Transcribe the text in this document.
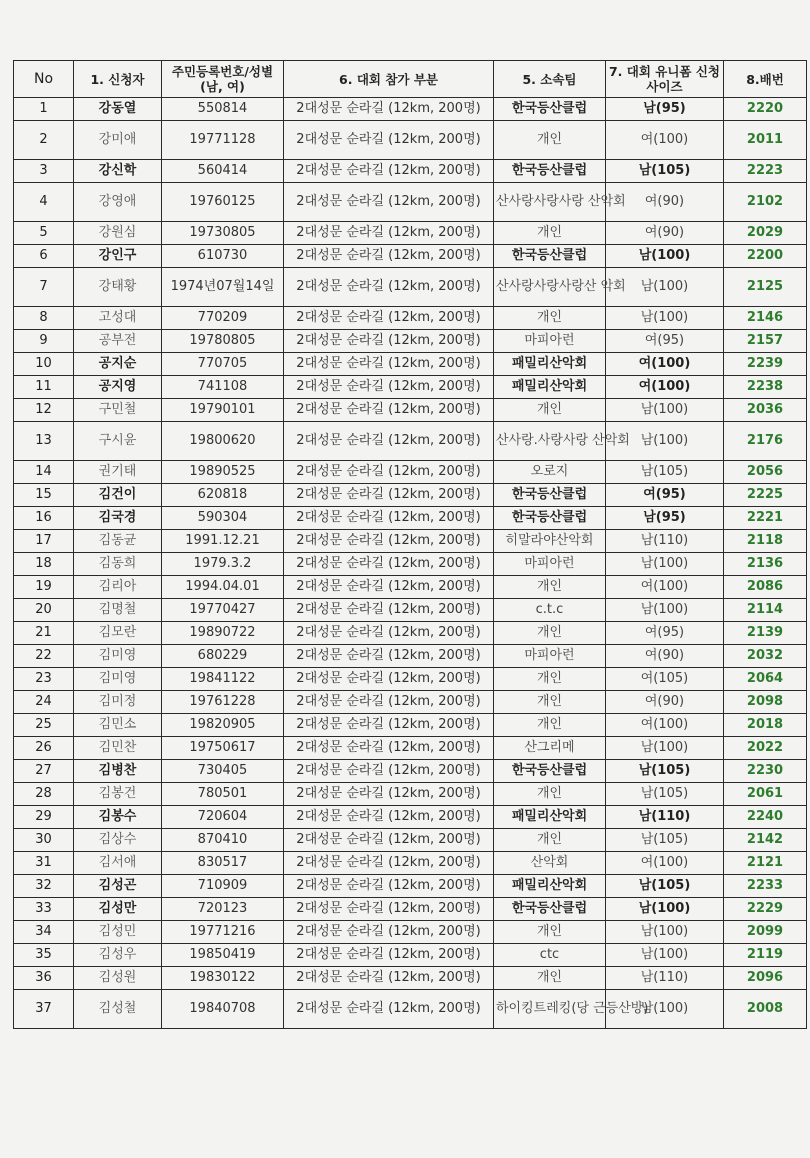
No	1. 신청자	주민등록번호/성별 (남, 여)	6. 대회 참가 부분	5. 소속팀	7. 대회 유니폼 신청 사이즈	8.배번
1	강동열	550814	2대성문 순라길 (12km, 200명)	한국등산클럽	남(95)	2220
2	강미애	19771128	2대성문 순라길 (12km, 200명)	개인	여(100)	2011
3	강신학	560414	2대성문 순라길 (12km, 200명)	한국등산클럽	남(105)	2223
4	강영애	19760125	2대성문 순라길 (12km, 200명)	산사랑사랑사랑 산악회	여(90)	2102
5	강원심	19730805	2대성문 순라길 (12km, 200명)	개인	여(90)	2029
6	강인구	610730	2대성문 순라길 (12km, 200명)	한국등산클럽	남(100)	2200
7	강태황	1974년07월14일	2대성문 순라길 (12km, 200명)	산사랑사랑사랑산 악회	남(100)	2125
8	고성대	770209	2대성문 순라길 (12km, 200명)	개인	남(100)	2146
9	공부전	19780805	2대성문 순라길 (12km, 200명)	마피아런	여(95)	2157
10	공지순	770705	2대성문 순라길 (12km, 200명)	패밀리산악회	여(100)	2239
11	공지영	741108	2대성문 순라길 (12km, 200명)	패밀리산악회	여(100)	2238
12	구민철	19790101	2대성문 순라길 (12km, 200명)	개인	남(100)	2036
13	구시윤	19800620	2대성문 순라길 (12km, 200명)	산사랑.사랑사랑 산악회	남(100)	2176
14	권기태	19890525	2대성문 순라길 (12km, 200명)	오로지	남(105)	2056
15	김건이	620818	2대성문 순라길 (12km, 200명)	한국등산클럽	여(95)	2225
16	김국경	590304	2대성문 순라길 (12km, 200명)	한국등산클럽	남(95)	2221
17	김동균	1991.12.21	2대성문 순라길 (12km, 200명)	히말라야산악회	남(110)	2118
18	김동희	1979.3.2	2대성문 순라길 (12km, 200명)	마피아런	남(100)	2136
19	김리아	1994.04.01	2대성문 순라길 (12km, 200명)	개인	여(100)	2086
20	김명철	19770427	2대성문 순라길 (12km, 200명)	c.t.c	남(100)	2114
21	김모란	19890722	2대성문 순라길 (12km, 200명)	개인	여(95)	2139
22	김미영	680229	2대성문 순라길 (12km, 200명)	마피아런	여(90)	2032
23	김미영	19841122	2대성문 순라길 (12km, 200명)	개인	여(105)	2064
24	김미정	19761228	2대성문 순라길 (12km, 200명)	개인	여(90)	2098
25	김민소	19820905	2대성문 순라길 (12km, 200명)	개인	여(100)	2018
26	김민찬	19750617	2대성문 순라길 (12km, 200명)	산그리메	남(100)	2022
27	김병찬	730405	2대성문 순라길 (12km, 200명)	한국등산클럽	남(105)	2230
28	김봉건	780501	2대성문 순라길 (12km, 200명)	개인	남(105)	2061
29	김봉수	720604	2대성문 순라길 (12km, 200명)	패밀리산악회	남(110)	2240
30	김상수	870410	2대성문 순라길 (12km, 200명)	개인	남(105)	2142
31	김서애	830517	2대성문 순라길 (12km, 200명)	산악회	여(100)	2121
32	김성곤	710909	2대성문 순라길 (12km, 200명)	패밀리산악회	남(105)	2233
33	김성만	720123	2대성문 순라길 (12km, 200명)	한국등산클럽	남(100)	2229
34	김성민	19771216	2대성문 순라길 (12km, 200명)	개인	남(100)	2099
35	김성우	19850419	2대성문 순라길 (12km, 200명)	ctc	남(100)	2119
36	김성원	19830122	2대성문 순라길 (12km, 200명)	개인	남(110)	2096
37	김성철	19840708	2대성문 순라길 (12km, 200명)	하이킹트레킹(당 근등산방)	남(100)	2008
